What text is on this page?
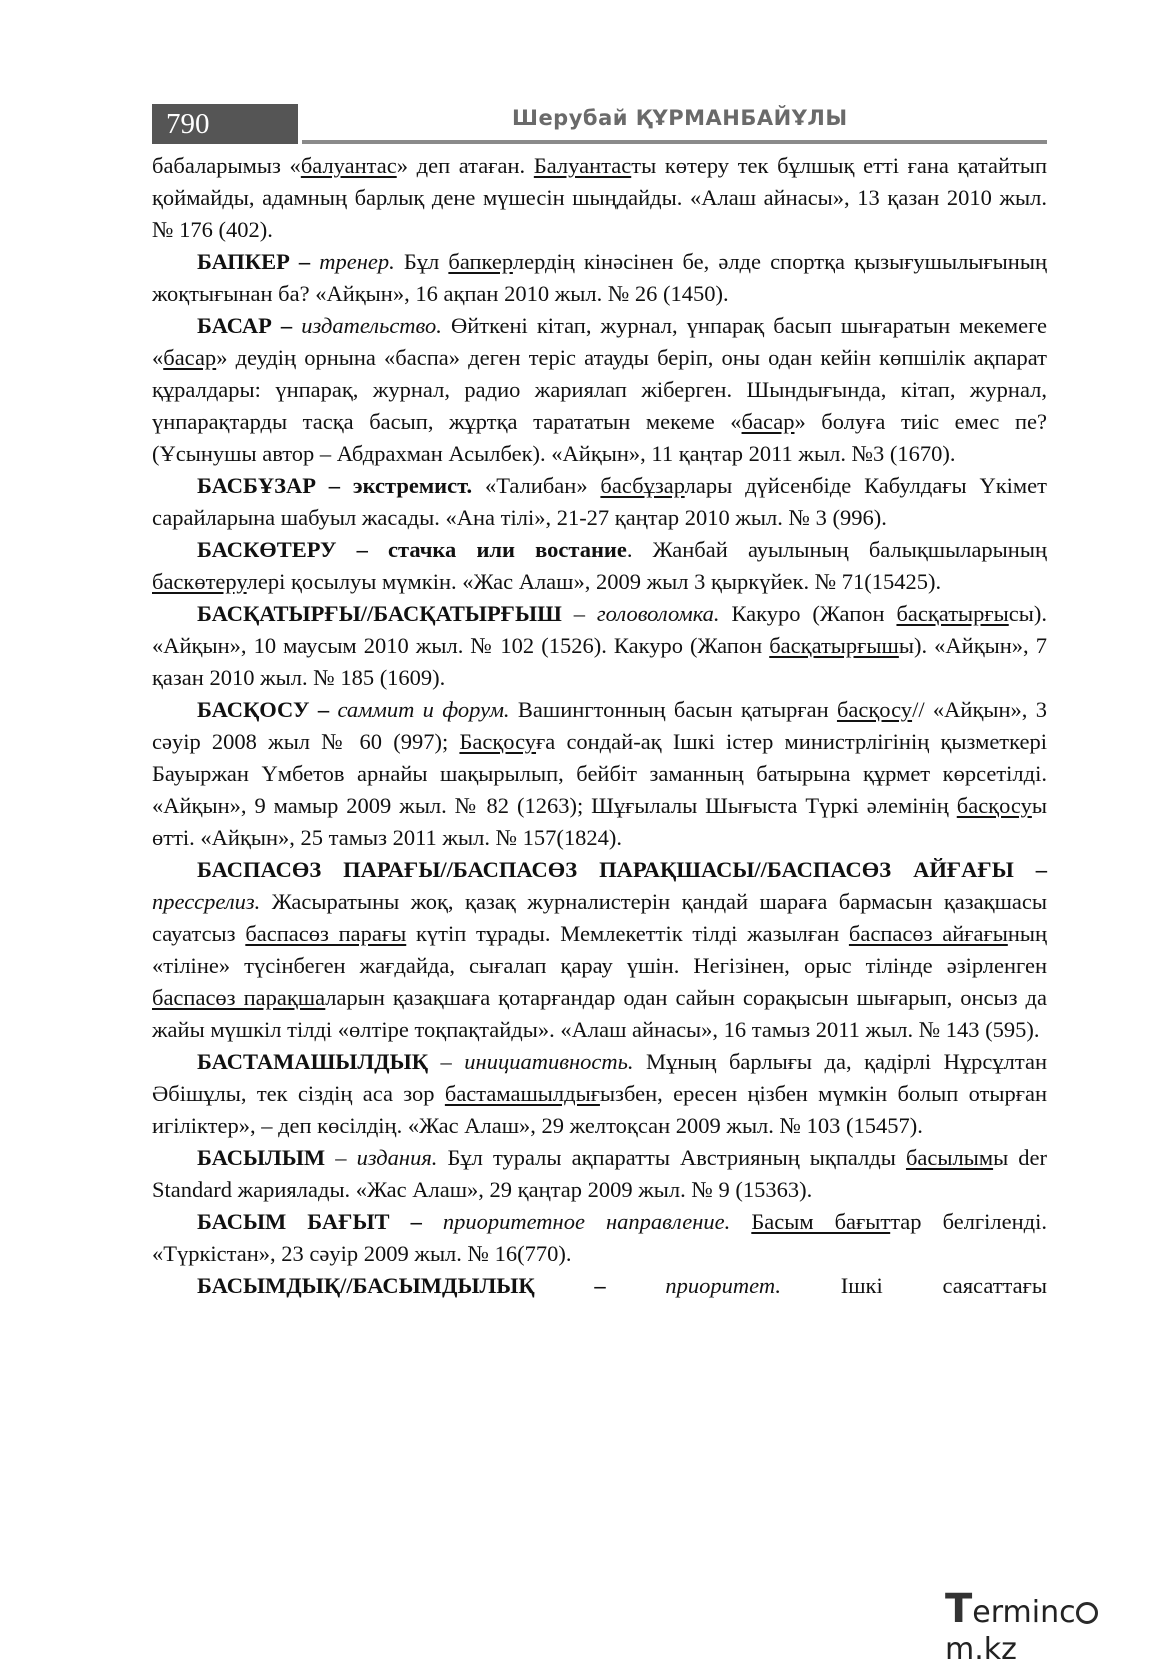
790	Шерубай ҚҰРМАНБАЙҰЛЫ

бабаларымыз «балуантас» деп атаған. Балуантасты көтеру тек бұлшық етті ғана қатайтып қоймайды, адамның барлық дене мүшесін шыңдайды. «Алаш айнасы», 13 қазан 2010 жыл. № 176 (402).

БАПКЕР – тренер. Бұл бапкерлердің кінәсінен бе, әлде спортқа қызығушылығының жоқтығынан ба? «Айқын», 16 ақпан 2010 жыл. № 26 (1450).

БАСАР – издательство. Өйткені кітап, журнал, үнпарақ басып шығаратын мекемеге «басар» деудің орнына «баспа» деген теріс атауды беріп, оны одан кейін көпшілік ақпарат құралдары: үнпарақ, журнал, радио жариялап жіберген. Шындығында, кітап, журнал, үнпарақтарды тасқа басып, жұртқа тарататын мекеме «басар» болуға тиіс емес пе? (Ұсынушы автор – Абдрахман Асылбек). «Айқын», 11 қаңтар 2011 жыл. №3 (1670).

БАСБҰЗАР – экстремист. «Талибан» басбұзарлары дүйсенбіде Кабулдағы Үкімет сарайларына шабуыл жасады. «Ана тілі», 21-27 қаңтар 2010 жыл. № 3 (996).

БАСКӨТЕРУ – стачка или востание. Жанбай ауылының балықшыларының баскөтерулері қосылуы мүмкін. «Жас Алаш», 2009 жыл 3 қыркүйек. № 71(15425).

БАСҚАТЫРҒЫ//БАСҚАТЫРҒЫШ – головоломка. Какуро (Жапон басқатырғысы). «Айқын», 10 маусым 2010 жыл. № 102 (1526). Какуро (Жапон басқатырғышы). «Айқын», 7 қазан 2010 жыл. № 185 (1609).

БАСҚОСУ – саммит и форум. Вашингтонның басын қатырған басқосу// «Айқын», 3 сәуір 2008 жыл № 60 (997); Басқосуға сондай-ақ Ішкі істер министрлігінің қызметкері Бауыржан Үмбетов арнайы шақырылып, бейбіт заманның батырына құрмет көрсетілді. «Айқын», 9 мамыр 2009 жыл. № 82 (1263); Шұғылалы Шығыста Түркі әлемінің басқосуы өтті. «Айқын», 25 тамыз 2011 жыл. № 157(1824).

БАСПАСӨЗ ПАРАҒЫ//БАСПАСӨЗ ПАРАҚШАСЫ//БАСПАСӨЗ АЙҒАҒЫ – прессрелиз. Жасыратыны жоқ, қазақ журналистерін қандай шараға бармасын қазақшасы сауатсыз баспасөз парағы күтіп тұрады. Мемлекеттік тілді жазылған баспасөз айғағының «тіліне» түсінбеген жағдайда, сығалап қарау үшін. Негізінен, орыс тілінде әзірленген баспасөз парақшаларын қазақшаға қотарғандар одан сайын сорақысын шығарып, онсыз да жайы мүшкіл тілді «өлтіре тоқпақтайды». «Алаш айнасы», 16 тамыз 2011 жыл. № 143 (595).

БАСТАМАШЫЛДЫҚ – инициативность. Мұның барлығы да, қадірлі Нұрсұлтан Әбішұлы, тек сіздің аса зор бастамашылдығызбен, ересен ңізбен мүмкін болып отырған игіліктер», – деп көсілдің. «Жас Алаш», 29 желтоқсан 2009 жыл. № 103 (15457).

БАСЫЛЫМ – издания. Бұл туралы ақпаратты Австрияның ықпалды басылымы der Standard жариялады. «Жас Алаш», 29 қаңтар 2009 жыл. № 9 (15363).

БАСЫМ БАҒЫТ – приоритетное направление. Басым бағыттар белгіленді. «Түркістан», 23 сәуір 2009 жыл. № 16(770).

БАСЫМДЫҚ//БАСЫМДЫЛЫҚ –	приоритет. Ішкі саясаттағы

Termincm.kz
